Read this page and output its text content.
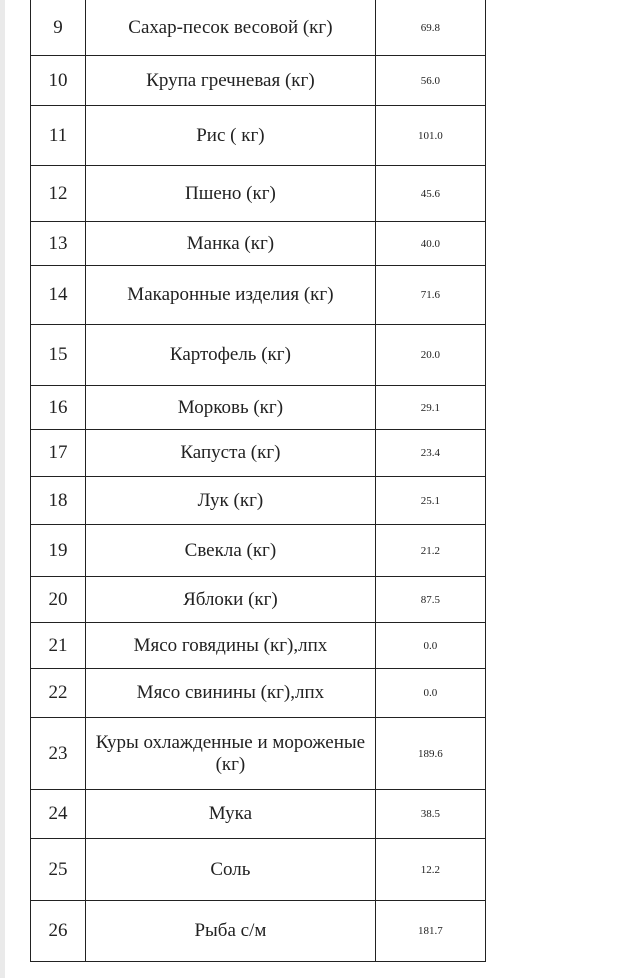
9	Сахар-песок весовой (кг)	69.8
10	Крупа гречневая (кг)	56.0
11	Рис ( кг)	101.0
12	Пшено (кг)	45.6
13	Манка (кг)	40.0
14	Макаронные изделия (кг)	71.6
15	Картофель (кг)	20.0
16	Морковь (кг)	29.1
17	Капуста (кг)	23.4
18	Лук (кг)	25.1
19	Свекла (кг)	21.2
20	Яблоки (кг)	87.5
21	Мясо говядины (кг),лпх	0.0
22	Мясо свинины (кг),лпх	0.0
23	Куры охлажденные и мороженые (кг)	189.6
24	Мука	38.5
25	Соль	12.2
26	Рыба с/м	181.7
